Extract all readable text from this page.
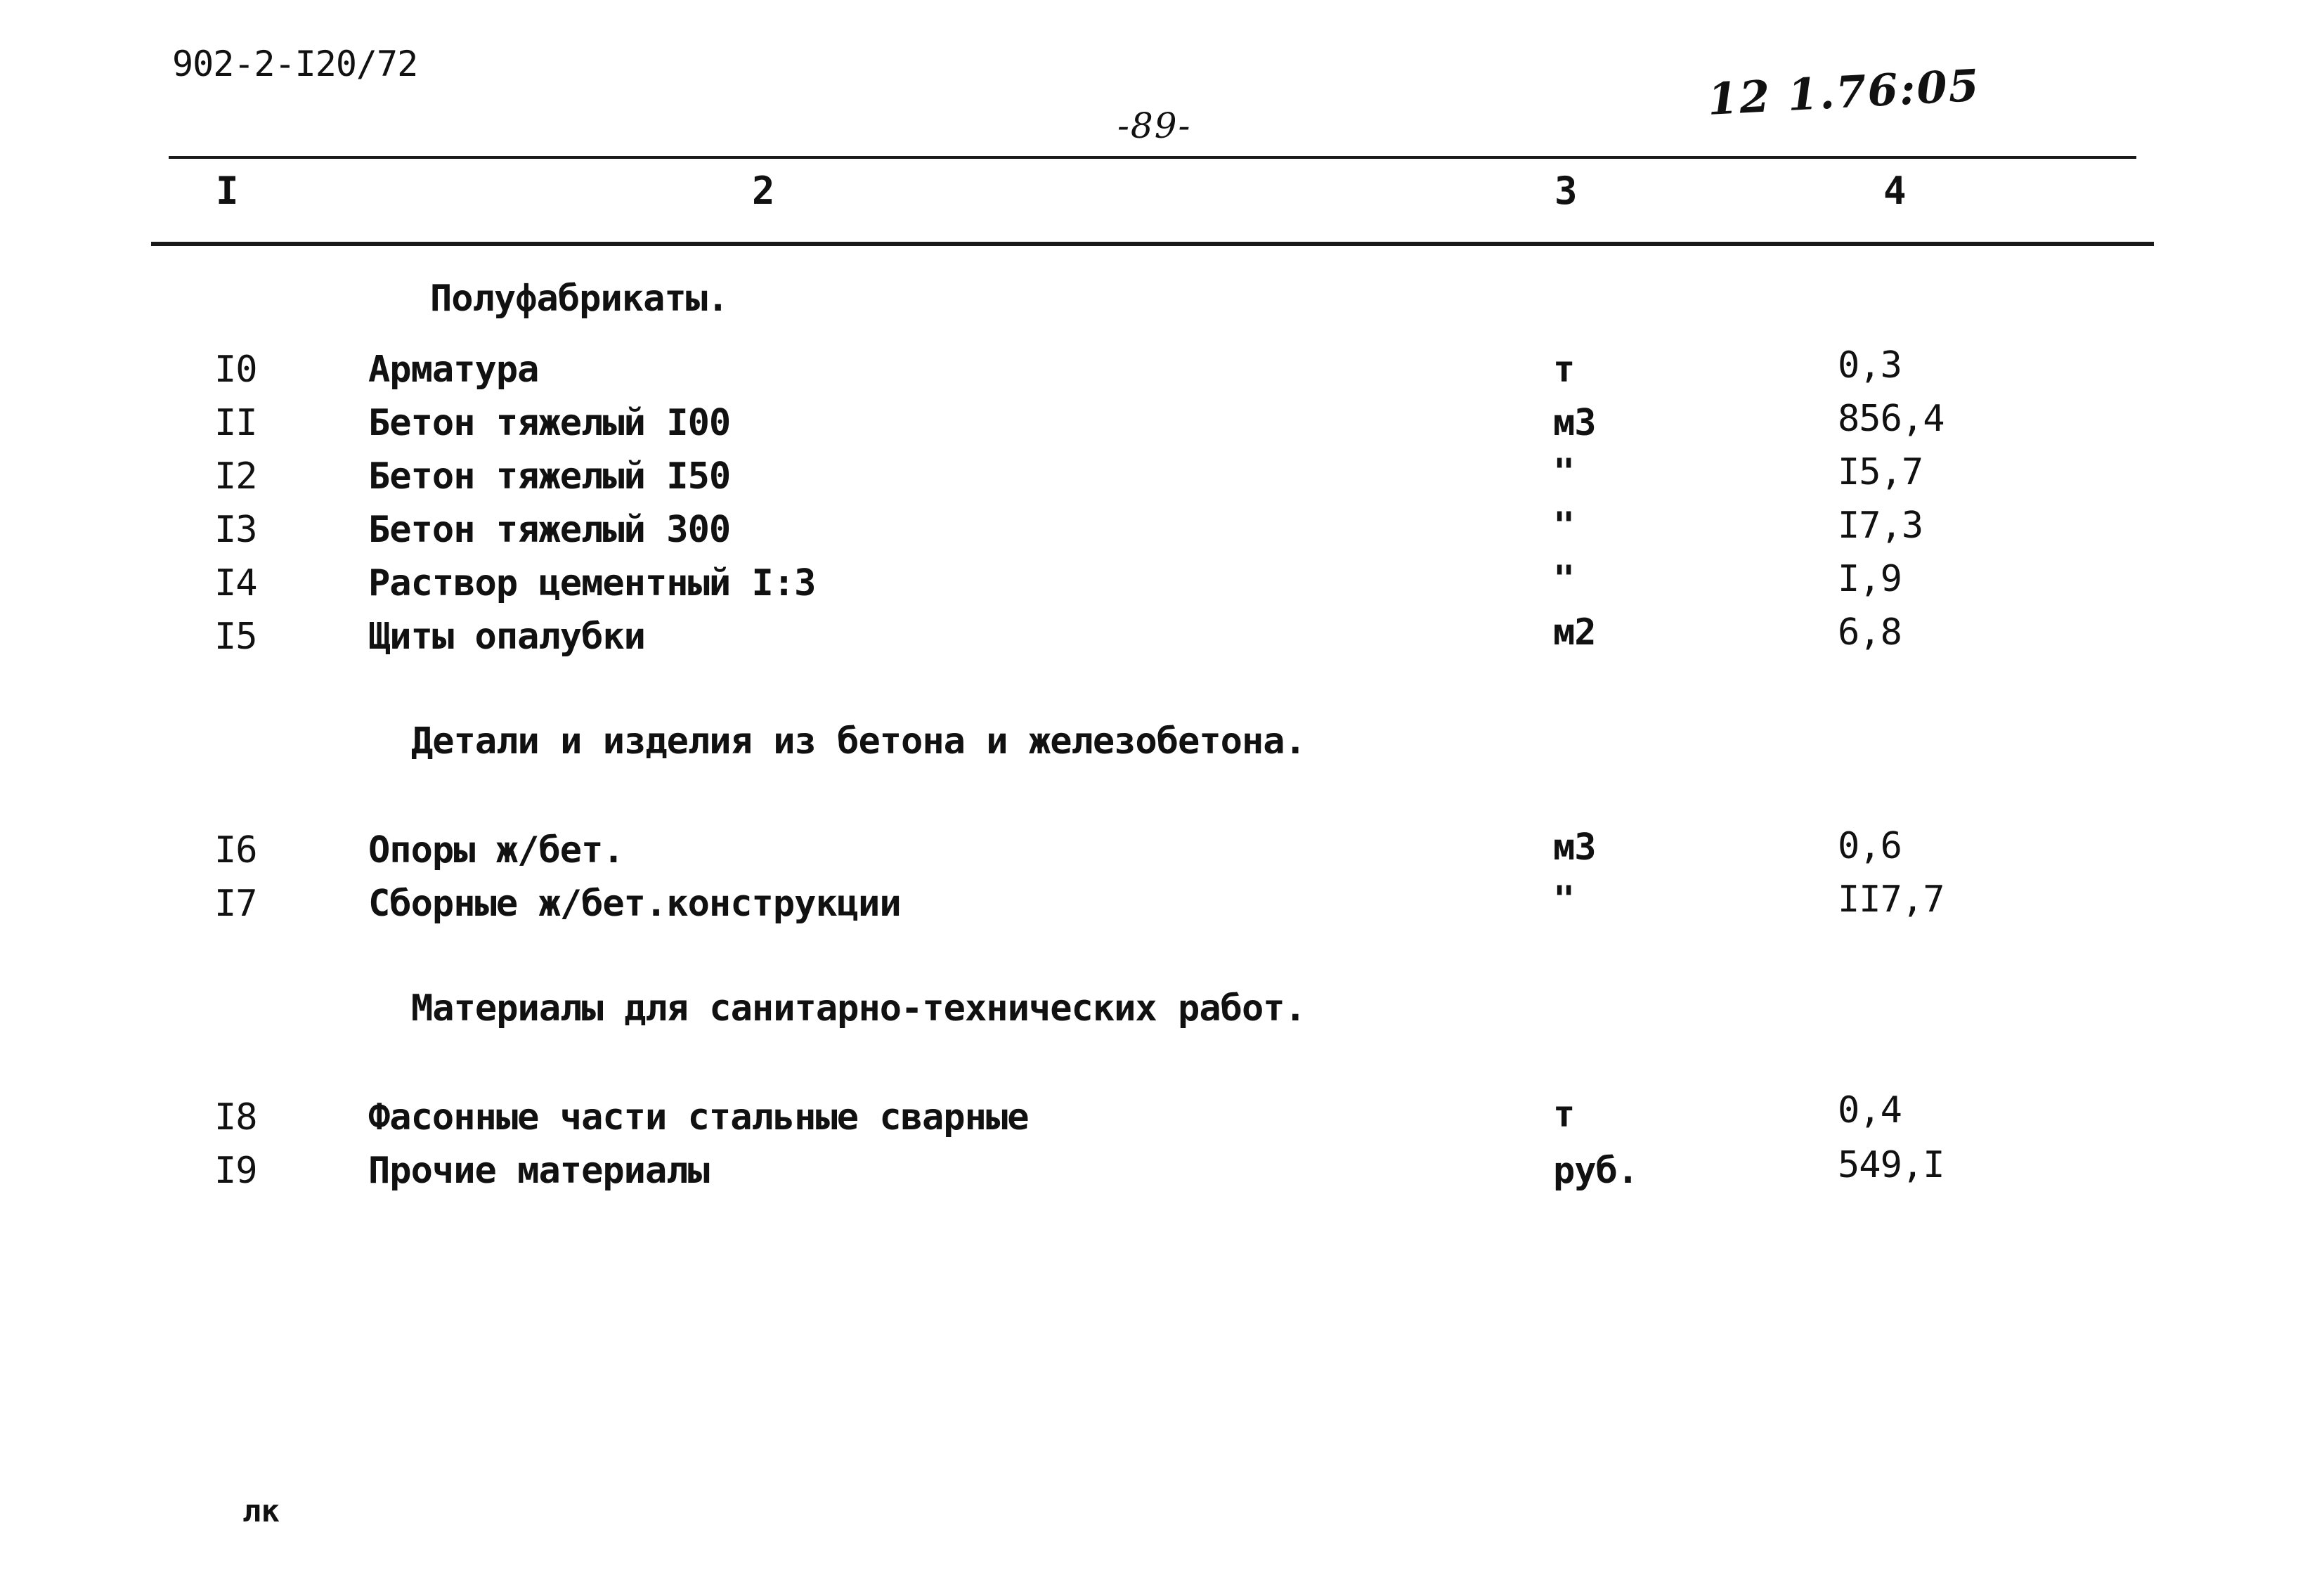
902-2-I20/72
-89-
12 1.76:05
I	2	3	4
Полуфабрикаты.
I0	Арматура	т	0,3
II	Бетон тяжелый I00	м3	856,4
I2	Бетон тяжелый I50	"	I5,7
I3	Бетон тяжелый 300	"	I7,3
I4	Раствор цементный I:3	"	I,9
I5	Щиты опалубки	м2	6,8
Детали и изделия из бетона и железобетона.
I6	Опоры ж/бет.	м3	0,6
I7	Сборные ж/бет.конструкции	"	II7,7
Материалы для санитарно-технических работ.
I8	Фасонные части стальные сварные	т	0,4
I9	Прочие материалы	руб.	549,I
лк
